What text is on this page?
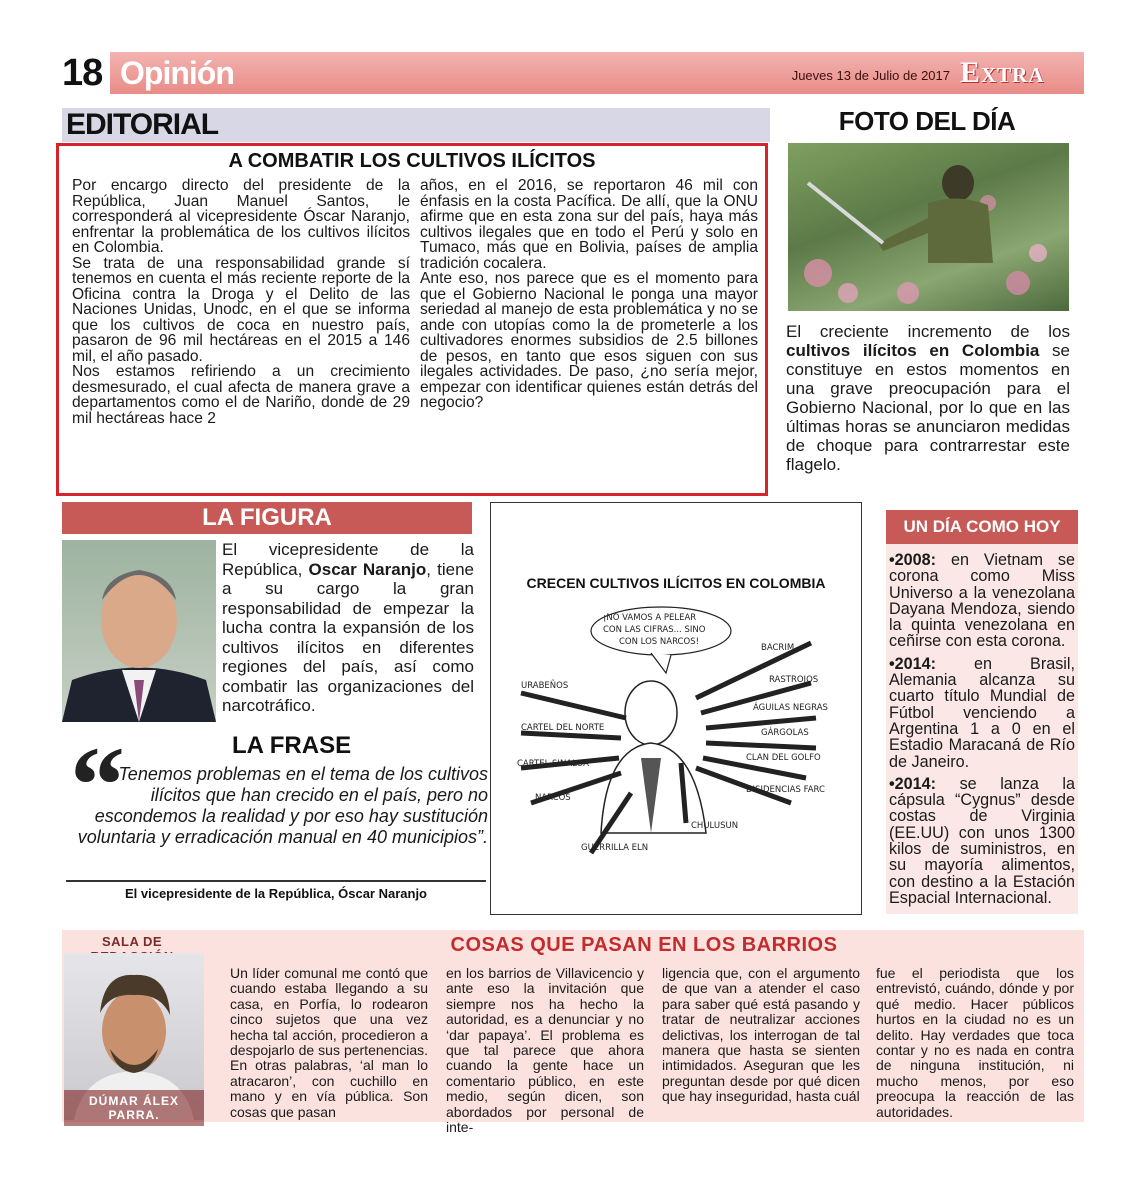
18 Opinión	Jueves 13 de Julio de 2017 Extra
EDITORIAL
A COMBATIR LOS CULTIVOS ILÍCITOS

Por encargo directo del presidente de la República, Juan Manuel Santos, le corresponderá al vicepresidente Óscar Naranjo, enfrentar la problemática de los cultivos ilícitos en Colombia.

Se trata de una responsabilidad grande sí tenemos en cuenta el más reciente reporte de la Oficina contra la Droga y el Delito de las Naciones Unidas, Unodc, en el que se informa que los cultivos de coca en nuestro país, pasaron de 96 mil hectáreas en el 2015 a 146 mil, el año pasado.

Nos estamos refiriendo a un crecimiento desmesurado, el cual afecta de manera grave a departamentos como el de Nariño, donde de 29 mil hectáreas hace 2

años, en el 2016, se reportaron 46 mil con énfasis en la costa Pacífica. De allí, que la ONU afirme que en esta zona sur del país, haya más cultivos ilegales que en todo el Perú y solo en Tumaco, más que en Bolivia, países de amplia tradición cocalera.

Ante eso, nos parece que es el momento para que el Gobierno Nacional le ponga una mayor seriedad al manejo de esta problemática y no se ande con utopías como la de prometerle a los cultivadores enormes subsidios de 2.5 billones de pesos, en tanto que esos siguen con sus ilegales actividades. De paso, ¿no sería mejor, empezar con identificar quienes están detrás del negocio?

FOTO DEL DÍA
El creciente incremento de los cultivos ilícitos en Colombia se constituye en estos momentos en una grave preocupación para el Gobierno Nacional, por lo que en las últimas horas se anunciaron medidas de choque para contrarrestar este flagelo.
LA FIGURA
El vicepresidente de la República, Oscar Naranjo, tiene a su cargo la gran responsabilidad de empezar la lucha contra la expansión de los cultivos ilícitos en diferentes regiones del país, así como combatir las organizaciones del narcotráfico.
“	LA FRASE
Tenemos problemas en el tema de los cultivos ilícitos que han crecido en el país, pero no escondemos la realidad y por eso hay sustitución voluntaria y erradicación manual en 40 municipios”.
El vicepresidente de la República, Óscar Naranjo
¡NO VAMOS A PELEAR
CON LAS CIFRAS... SINO
CON LOS NARCOS!
BACRIM
RASTROJOS
ÁGUILAS NEGRAS
GÁRGOLAS
CLAN DEL GOLFO
DISIDENCIAS FARC
URABEÑOS
CARTEL DEL NORTE
CARTEL SINALOA
NARCOS
GUERRILLA ELN
CHULUSUN
CRECEN CULTIVOS ILÍCITOS EN COLOMBIA
UN DÍA COMO HOY

•2008: en Vietnam se corona como Miss Universo a la venezolana Dayana Mendoza, siendo la quinta venezolana en ceñirse con esta corona.

•2014: en Brasil, Alemania alcanza su cuarto título Mundial de Fútbol venciendo a Argentina 1 a 0 en el Estadio Maracaná de Río de Janeiro.

•2014: se lanza la cápsula “Cygnus” desde costas de Virginia (EE.UU) con unos 1300 kilos de suministros, en su mayoría alimentos, con destino a la Estación Espacial Internacional.

SALA DE
DÚMAR ÁLEX PARRA.
COSAS QUE PASAN EN LOS BARRIOS
Un líder comunal me contó que cuando estaba llegando a su casa, en Porfía, lo rodearon cinco sujetos que una vez hecha tal acción, procedieron a despojarlo de sus pertenencias. En otras palabras, ‘al man lo atracaron’, con cuchillo en mano y en vía pública. Son cosas que pasan
en los barrios de Villavicencio y ante eso la invitación que siempre nos ha hecho la autoridad, es a denunciar y no ‘dar papaya’. El problema es que tal parece que ahora cuando la gente hace un comentario público, en este medio, según dicen, son abordados por personal de inte-
ligencia que, con el argumento de que van a atender el caso para saber qué está pasando y tratar de neutralizar acciones delictivas, los interrogan de tal manera que hasta se sienten intimidados. Aseguran que les preguntan desde por qué dicen que hay inseguridad, hasta cuál
fue el periodista que los entrevistó, cuándo, dónde y por qué medio. Hacer públicos hurtos en la ciudad no es un delito. Hay verdades que toca contar y no es nada en contra de ninguna institución, ni mucho menos, por eso preocupa la reacción de las autoridades.
